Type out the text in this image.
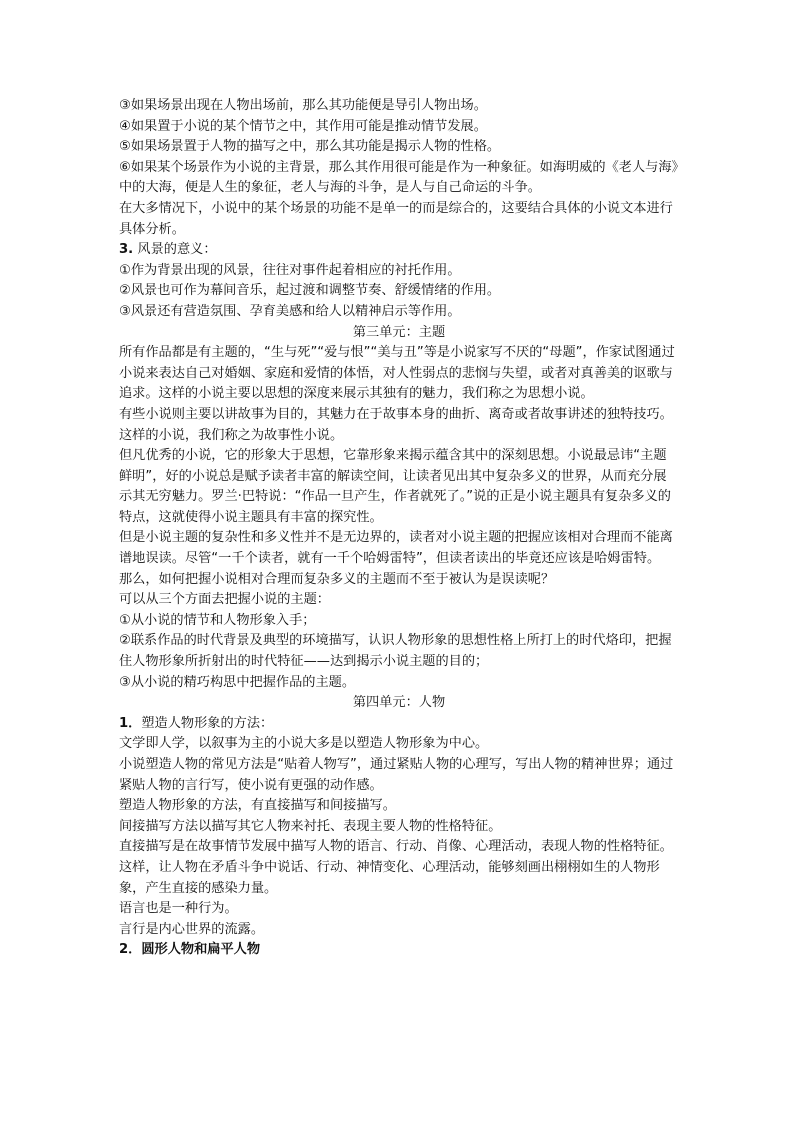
③如果场景出现在人物出场前，那么其功能便是导引人物出场。

④如果置于小说的某个情节之中，其作用可能是推动情节发展。

⑤如果场景置于人物的描写之中，那么其功能是揭示人物的性格。

⑥如果某个场景作为小说的主背景，那么其作用很可能是作为一种象征。如海明威的《老人与海》中的大海，便是人生的象征，老人与海的斗争，是人与自己命运的斗争。

在大多情况下，小说中的某个场景的功能不是单一的而是综合的，这要结合具体的小说文本进行具体分析。

3. 风景的意义：

①作为背景出现的风景，往往对事件起着相应的衬托作用。

②风景也可作为幕间音乐，起过渡和调整节奏、舒缓情绪的作用。

③风景还有营造氛围、孕育美感和给人以精神启示等作用。

第三单元：主题

所有作品都是有主题的，“生与死”“爱与恨”“美与丑”等是小说家写不厌的“母题”，作家试图通过小说来表达自己对婚姻、家庭和爱情的体悟，对人性弱点的悲悯与失望，或者对真善美的讴歌与追求。这样的小说主要以思想的深度来展示其独有的魅力，我们称之为思想小说。

有些小说则主要以讲故事为目的，其魅力在于故事本身的曲折、离奇或者故事讲述的独特技巧。这样的小说，我们称之为故事性小说。

但凡优秀的小说，它的形象大于思想，它靠形象来揭示蕴含其中的深刻思想。小说最忌讳“主题鲜明”，好的小说总是赋予读者丰富的解读空间，让读者见出其中复杂多义的世界，从而充分展示其无穷魅力。罗兰·巴特说：“作品一旦产生，作者就死了。”说的正是小说主题具有复杂多义的特点，这就使得小说主题具有丰富的探究性。

但是小说主题的复杂性和多义性并不是无边界的，读者对小说主题的把握应该相对合理而不能离谱地误读。尽管“一千个读者，就有一千个哈姆雷特”，但读者读出的毕竟还应该是哈姆雷特。

那么，如何把握小说相对合理而复杂多义的主题而不至于被认为是误读呢？

可以从三个方面去把握小说的主题：

①从小说的情节和人物形象入手；

②联系作品的时代背景及典型的环境描写，认识人物形象的思想性格上所打上的时代烙印，把握住人物形象所折射出的时代特征——达到揭示小说主题的目的；

③从小说的精巧构思中把握作品的主题。

第四单元：人物

1．塑造人物形象的方法：

文学即人学，以叙事为主的小说大多是以塑造人物形象为中心。

小说塑造人物的常见方法是“贴着人物写”，通过紧贴人物的心理写，写出人物的精神世界；通过紧贴人物的言行写，使小说有更强的动作感。

塑造人物形象的方法，有直接描写和间接描写。

间接描写方法以描写其它人物来衬托、表现主要人物的性格特征。

直接描写是在故事情节发展中描写人物的语言、行动、肖像、心理活动，表现人物的性格特征。这样，让人物在矛盾斗争中说话、行动、神情变化、心理活动，能够刻画出栩栩如生的人物形象，产生直接的感染力量。

语言也是一种行为。

言行是内心世界的流露。

2．圆形人物和扁平人物
